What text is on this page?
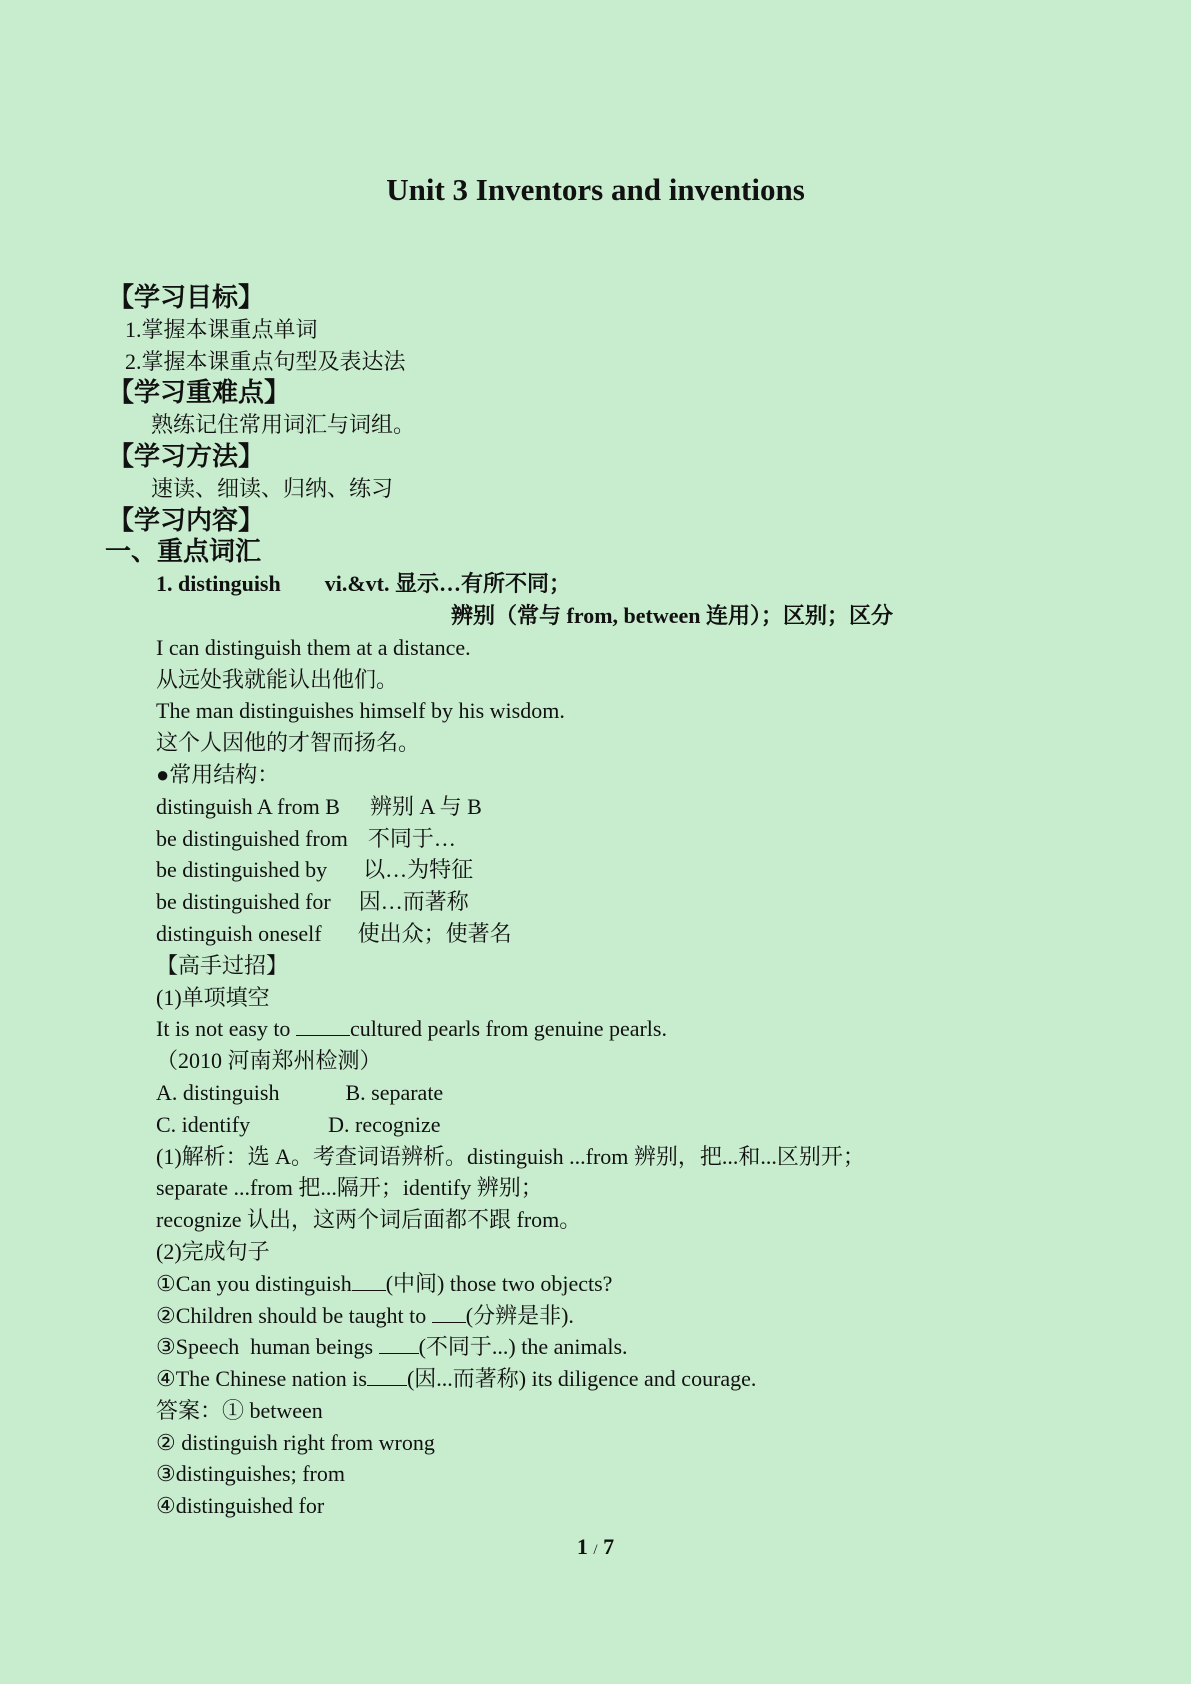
Unit 3 Inventors and inventions
【学习目标】
1.掌握本课重点单词
2.掌握本课重点句型及表达法
【学习重难点】
熟练记住常用词汇与词组。
【学习方法】
速读、细读、归纳、练习
【学习内容】
一、重点词汇
1. distinguish vi.&vt. 显示…有所不同；
辨别（常与 from, between 连用）；区别；区分
I can distinguish them at a distance.
从远处我就能认出他们。
The man distinguishes himself by his wisdom.
这个人因他的才智而扬名。
●常用结构：
distinguish A from B 辨别 A 与 B
be distinguished from 不同于…
be distinguished by 以…为特征
be distinguished for 因…而著称
distinguish oneself 使出众；使著名
【高手过招】
(1)单项填空
It is not easy to cultured pearls from genuine pearls.
（2010 河南郑州检测）
A. distinguish	B. separate
C. identify	D. recognize
(1)解析：选 A。考查词语辨析。distinguish ...from 辨别，把...和...区别开；
separate ...from 把...隔开；identify 辨别；
recognize 认出，这两个词后面都不跟 from。
(2)完成句子
①Can you distinguish (中间) those two objects?
②Children should be taught to (分辨是非).
③Speech  human beings (不同于...) the animals.
④The Chinese nation is (因...而著称) its diligence and courage.
答案：① between
② distinguish right from wrong
③distinguishes; from
④distinguished for
1 / 7
